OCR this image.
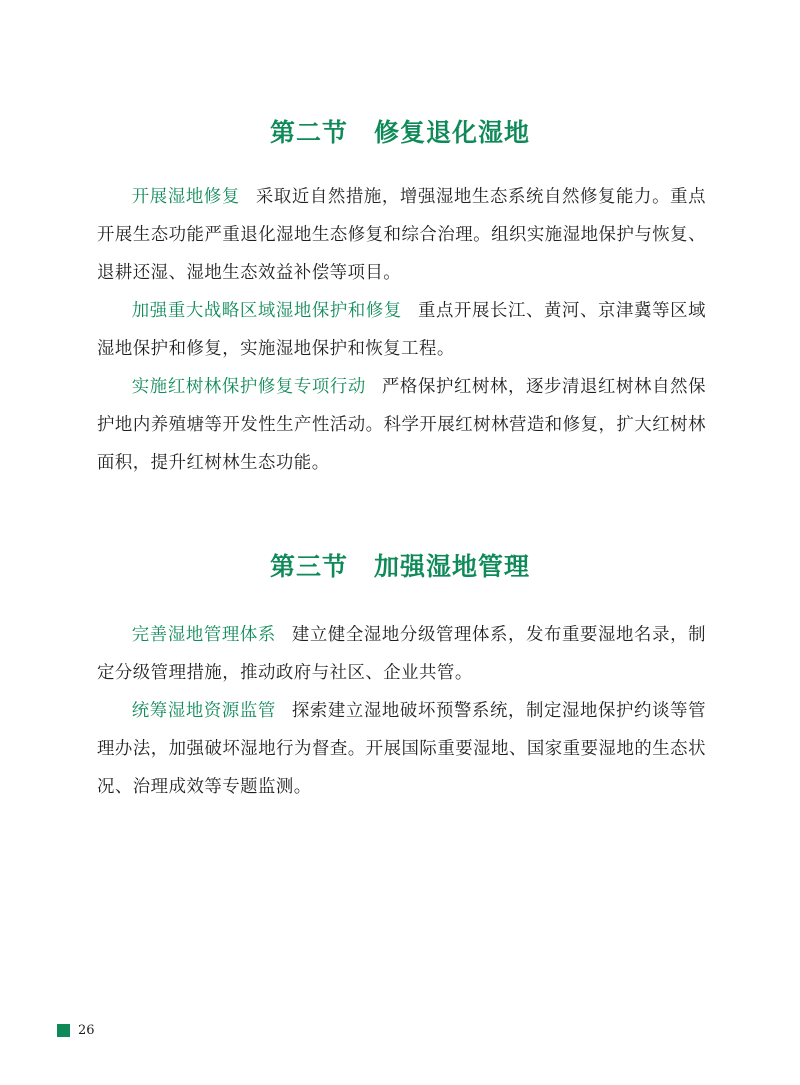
第二节　修复退化湿地

开展湿地修复 采取近自然措施，增强湿地生态系统自然修复能力。重点开展生态功能严重退化湿地生态修复和综合治理。组织实施湿地保护与恢复、退耕还湿、湿地生态效益补偿等项目。

加强重大战略区域湿地保护和修复 重点开展长江、黄河、京津冀等区域湿地保护和修复，实施湿地保护和恢复工程。

实施红树林保护修复专项行动 严格保护红树林，逐步清退红树林自然保护地内养殖塘等开发性生产性活动。科学开展红树林营造和修复，扩大红树林面积，提升红树林生态功能。

第三节　加强湿地管理

完善湿地管理体系 建立健全湿地分级管理体系，发布重要湿地名录，制定分级管理措施，推动政府与社区、企业共管。

统筹湿地资源监管 探索建立湿地破坏预警系统，制定湿地保护约谈等管理办法，加强破坏湿地行为督查。开展国际重要湿地、国家重要湿地的生态状况、治理成效等专题监测。

26
